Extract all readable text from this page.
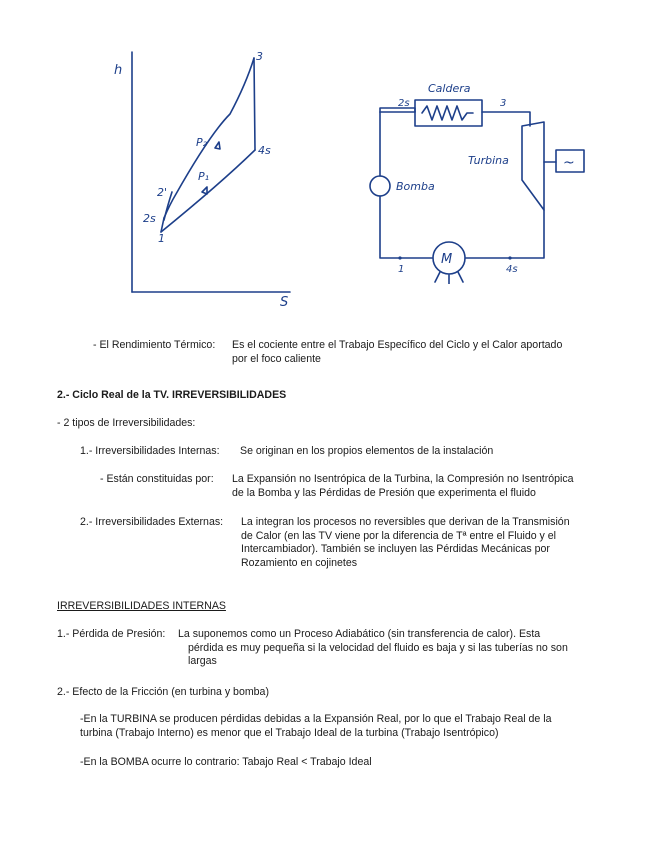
h
S
3
4s
P₂
P₁
2'
2s
1
Caldera
Turbina	~
Bomba
M
2s	3
1	4s
- El Rendimiento Térmico: Es el cociente entre el Trabajo Específico del Ciclo y el Calor aportado
por el foco caliente
2.- Ciclo Real de la TV. IRREVERSIBILIDADES
- 2 tipos de Irreversibilidades:
1.- Irreversibilidades Internas: Se originan en los propios elementos de la instalación
- Están constituidas por: La Expansión no Isentrópica de la Turbina, la Compresión no Isentrópica
de la Bomba y las Pérdidas de Presión que experimenta el fluido
2.- Irreversibilidades Externas: La integran los procesos no reversibles que derivan de la Transmisión
de Calor (en las TV viene por la diferencia de Tª entre el Fluido y el
Intercambiador). También se incluyen las Pérdidas Mecánicas por
Rozamiento en cojinetes
IRREVERSIBILIDADES INTERNAS
1.- Pérdida de Presión: La suponemos como un Proceso Adiabático (sin transferencia de calor). Esta
pérdida es muy pequeña si la velocidad del fluido es baja y si las tuberías no son
largas
2.- Efecto de la Fricción (en turbina y bomba)
-En la TURBINA se producen pérdidas debidas a la Expansión Real, por lo que el Trabajo Real de la
turbina (Trabajo Interno) es menor que el Trabajo Ideal de la turbina (Trabajo Isentrópico)
-En la BOMBA ocurre lo contrario: Tabajo Real < Trabajo Ideal
